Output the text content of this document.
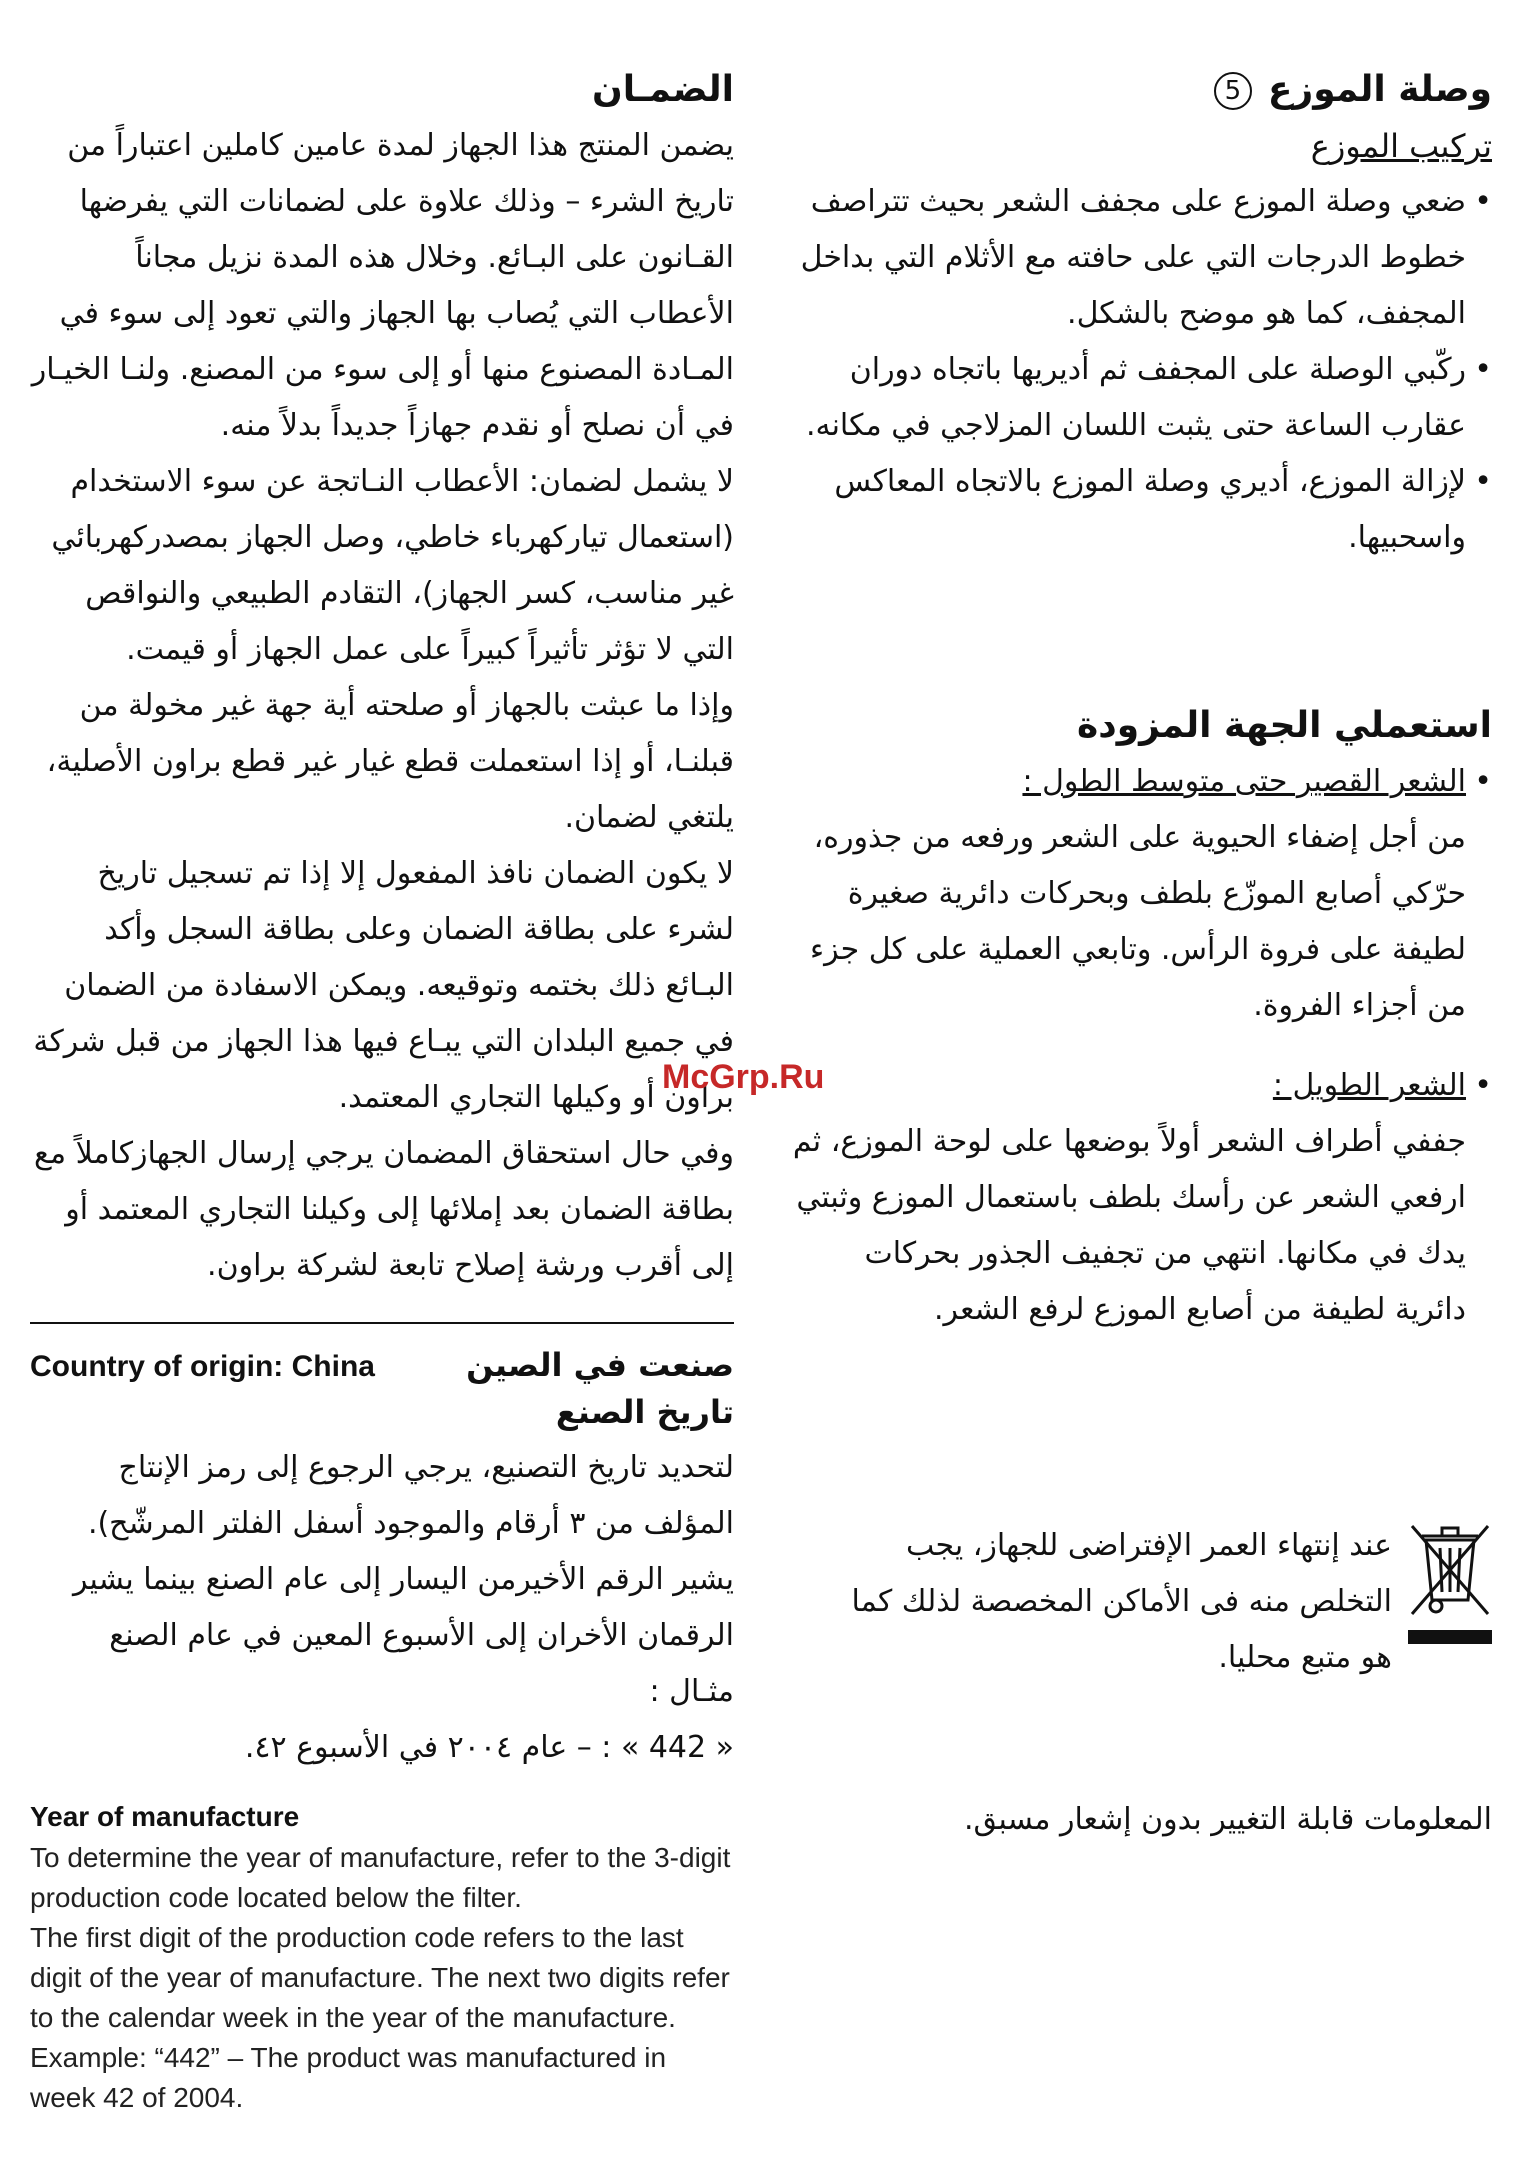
وصلة الموزع5

تركيب الموزع

• ضعي وصلة الموزع على مجفف الشعر بحيث تتراصف خطوط الدرجات التي على حافته مع الأثلام التي بداخل المجفف، كما هو موضح بالشكل.
• ركّبي الوصلة على المجفف ثم أديريها باتجاه دوران عقارب الساعة حتى يثبت اللسان المزلاجي في مكانه.
• لإزالة الموزع، أديري وصلة الموزع بالاتجاه المعاكس واسحبيها.
استعملي الجهة المزودة
• الشعر القصير حتى متوسط الطول :
من أجل إضفاء الحيوية على الشعر ورفعه من جذوره، حرّكي أصابع الموزّع بلطف وبحركات دائرية صغيرة لطيفة على فروة الرأس. وتابعي العملية على كل جزء من أجزاء الفروة.
• الشعر الطويل :
جففي أطراف الشعر أولاً بوضعها على لوحة الموزع، ثم ارفعي الشعر عن رأسك بلطف باستعمال الموزع وثبتي يدك في مكانها. انتهي من تجفيف الجذور بحركات دائرية لطيفة من أصابع الموزع لرفع الشعر.
عند إنتهاء العمر الإفتراضى للجهاز، يجب التخلص منه فى الأماكن المخصصة لذلك كما هو متبع محليا.

المعلومات قابلة التغيير بدون إشعار مسبق.

الضمـان

يضمن المنتج هذا الجهاز لمدة عامين كاملين اعتباراً من تاريخ الشرء – وذلك علاوة على لضمانات التي يفرضها القـانون على البـائع. وخلال هذه المدة نزيل مجاناً الأعطاب التي يُصاب بها الجهاز والتي تعود إلى سوء في المـادة المصنوع منها أو إلى سوء من المصنع. ولنـا الخيـار في أن نصلح أو نقدم جهازاً جديداً بدلاً منه.

لا يشمل لضمان: الأعطاب النـاتجة عن سوء الاستخدام (استعمال تياركهرباء خاطي، وصل الجهاز بمصدركهربائي غير مناسب، كسر الجهاز)، التقادم الطبيعي والنواقص التي لا تؤثر تأثيراً كبيراً على عمل الجهاز أو قيمت.

وإذا ما عبثت بالجهاز أو صلحته أية جهة غير مخولة من قبلنـا، أو إذا استعملت قطع غيار غير قطع براون الأصلية، يلتغي لضمان.

لا يكون الضمان نافذ المفعول إلا إذا تم تسجيل تاريخ لشرء على بطاقة الضمان وعلى بطاقة السجل وأكد البـائع ذلك بختمه وتوقيعه. ويمكن الاسفادة من الضمان في جميع البلدان التي يبـاع فيها هذا الجهاز من قبل شركة براون أو وكيلها التجاري المعتمد.

وفي حال استحقاق المضمان يرجي إرسال الجهازكاملاً مع بطاقة الضمان بعد إملائها إلى وكيلنا التجاري المعتمد أو إلى أقرب ورشة إصلاح تابعة لشركة براون.

Country of origin: China	صنعت في الصين
تاريخ الصنع

لتحديد تاريخ التصنيع، يرجي الرجوع إلى رمز الإنتاج المؤلف من ٣ أرقام والموجود أسفل الفلتر المرشّح). يشير الرقم الأخيرمن اليسار إلى عام الصنع بينما يشير الرقمان الأخران إلى الأسبوع المعين في عام الصنع

مثـال :

« 442 » : – عام ٢٠٠٤ في الأسبوع ٤٢.

Year of manufacture

To determine the year of manufacture, refer to the 3-digit production code located below the filter.

The first digit of the production code refers to the last digit of the year of manufacture. The next two digits refer to the calendar week in the year of the manufacture.

Example: “442” – The product was manufactured in week 42 of 2004.

McGrp.Ru
